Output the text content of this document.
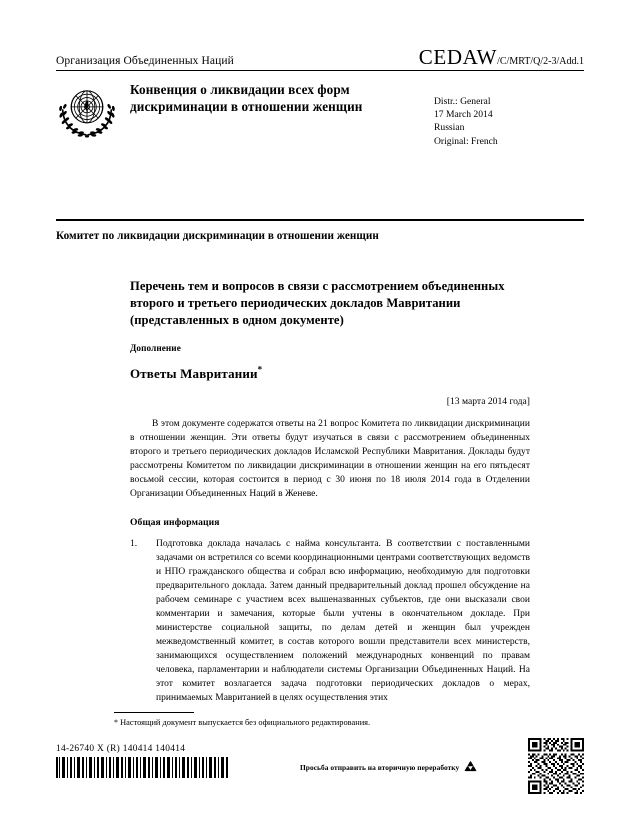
Организация Объединенных Наций	CEDAW/C/MRT/Q/2-3/Add.1
Конвенция о ликвидации всех форм дискриминации в отношении женщин	Distr.: General
17 March 2014
Russian
Original: French
Комитет по ликвидации дискриминации в отношении женщин
Перечень тем и вопросов в связи с рассмотрением объединенных второго и третьего периодических докладов Мавритании (представленных в одном документе)
Дополнение
Ответы Мавритании*
[13 марта 2014 года]
В этом документе содержатся ответы на 21 вопрос Комитета по ликвидации дискриминации в отношении женщин. Эти ответы будут изучаться в связи с рассмотрением объединенных второго и третьего периодических докладов Исламской Республики Мавритания. Доклады будут рассмотрены Комитетом по ликвидации дискриминации в отношении женщин на его пятьдесят восьмой сессии, которая состоится в период с 30 июня по 18 июля 2014 года в Отделении Организации Объединенных Наций в Женеве.
Общая информация
1.	Подготовка доклада началась с найма консультанта. В соответствии с поставленными задачами он встретился со всеми координационными центрами соответствующих ведомств и НПО гражданского общества и собрал всю информацию, необходимую для подготовки предварительного доклада. Затем данный предварительный доклад прошел обсуждение на рабочем семинаре с участием всех вышеназванных субъектов, где они высказали свои комментарии и замечания, которые были учтены в окончательном докладе. При министерстве социальной защиты, по делам детей и женщин был учрежден межведомственный комитет, в состав которого вошли представители всех министерств, занимающихся осуществлением положений международных конвенций по правам человека, парламентарии и наблюдатели системы Организации Объединенных Наций. На этот комитет возлагается задача подготовки периодических докладов о мерах, принимаемых Мавританией в целях осуществления этих
* Настоящий документ выпускается без официального редактирования.
14-26740 X (R) 140414 140414
Просьба отправить на вторичную переработку
